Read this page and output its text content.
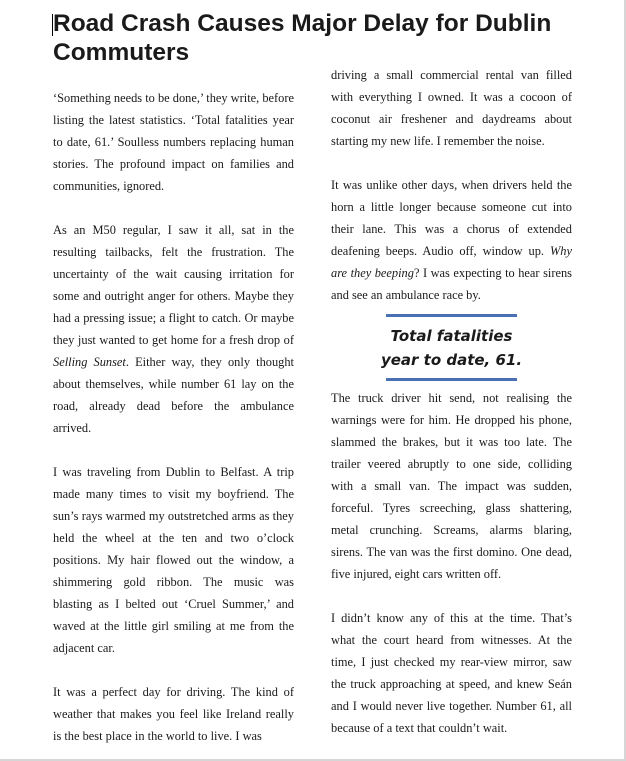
Road Crash Causes Major Delay for Dublin Commuters

‘Something needs to be done,’ they write, before listing the latest statistics. ‘Total fatalities year to date, 61.’ Soulless numbers replacing human stories. The profound impact on families and communities, ignored.

As an M50 regular, I saw it all, sat in the resulting tailbacks, felt the frustration. The uncertainty of the wait causing irritation for some and outright anger for others. Maybe they had a pressing issue; a flight to catch. Or maybe they just wanted to get home for a fresh drop of Selling Sunset. Either way, they only thought about themselves, while number 61 lay on the road, already dead before the ambulance arrived.

I was traveling from Dublin to Belfast. A trip made many times to visit my boyfriend. The sun’s rays warmed my outstretched arms as they held the wheel at the ten and two o’clock positions. My hair flowed out the window, a shimmering gold ribbon. The music was blasting as I belted out ‘Cruel Summer,’ and waved at the little girl smiling at me from the adjacent car.

It was a perfect day for driving. The kind of weather that makes you feel like Ireland really is the best place in the world to live. I was

driving a small commercial rental van filled with everything I owned. It was a cocoon of coconut air freshener and daydreams about starting my new life. I remember the noise.

It was unlike other days, when drivers held the horn a little longer because someone cut into their lane. This was a chorus of extended deafening beeps. Audio off, window up. Why are they beeping? I was expecting to hear sirens and see an ambulance race by.

Total fatalities
year to date, 61.

The truck driver hit send, not realising the warnings were for him. He dropped his phone, slammed the brakes, but it was too late. The trailer veered abruptly to one side, colliding with a small van. The impact was sudden, forceful. Tyres screeching, glass shattering, metal crunching. Screams, alarms blaring, sirens. The van was the first domino. One dead, five injured, eight cars written off.

I didn’t know any of this at the time. That’s what the court heard from witnesses. At the time, I just checked my rear-view mirror, saw the truck approaching at speed, and knew Seán and I would never live together. Number 61, all because of a text that couldn’t wait.
